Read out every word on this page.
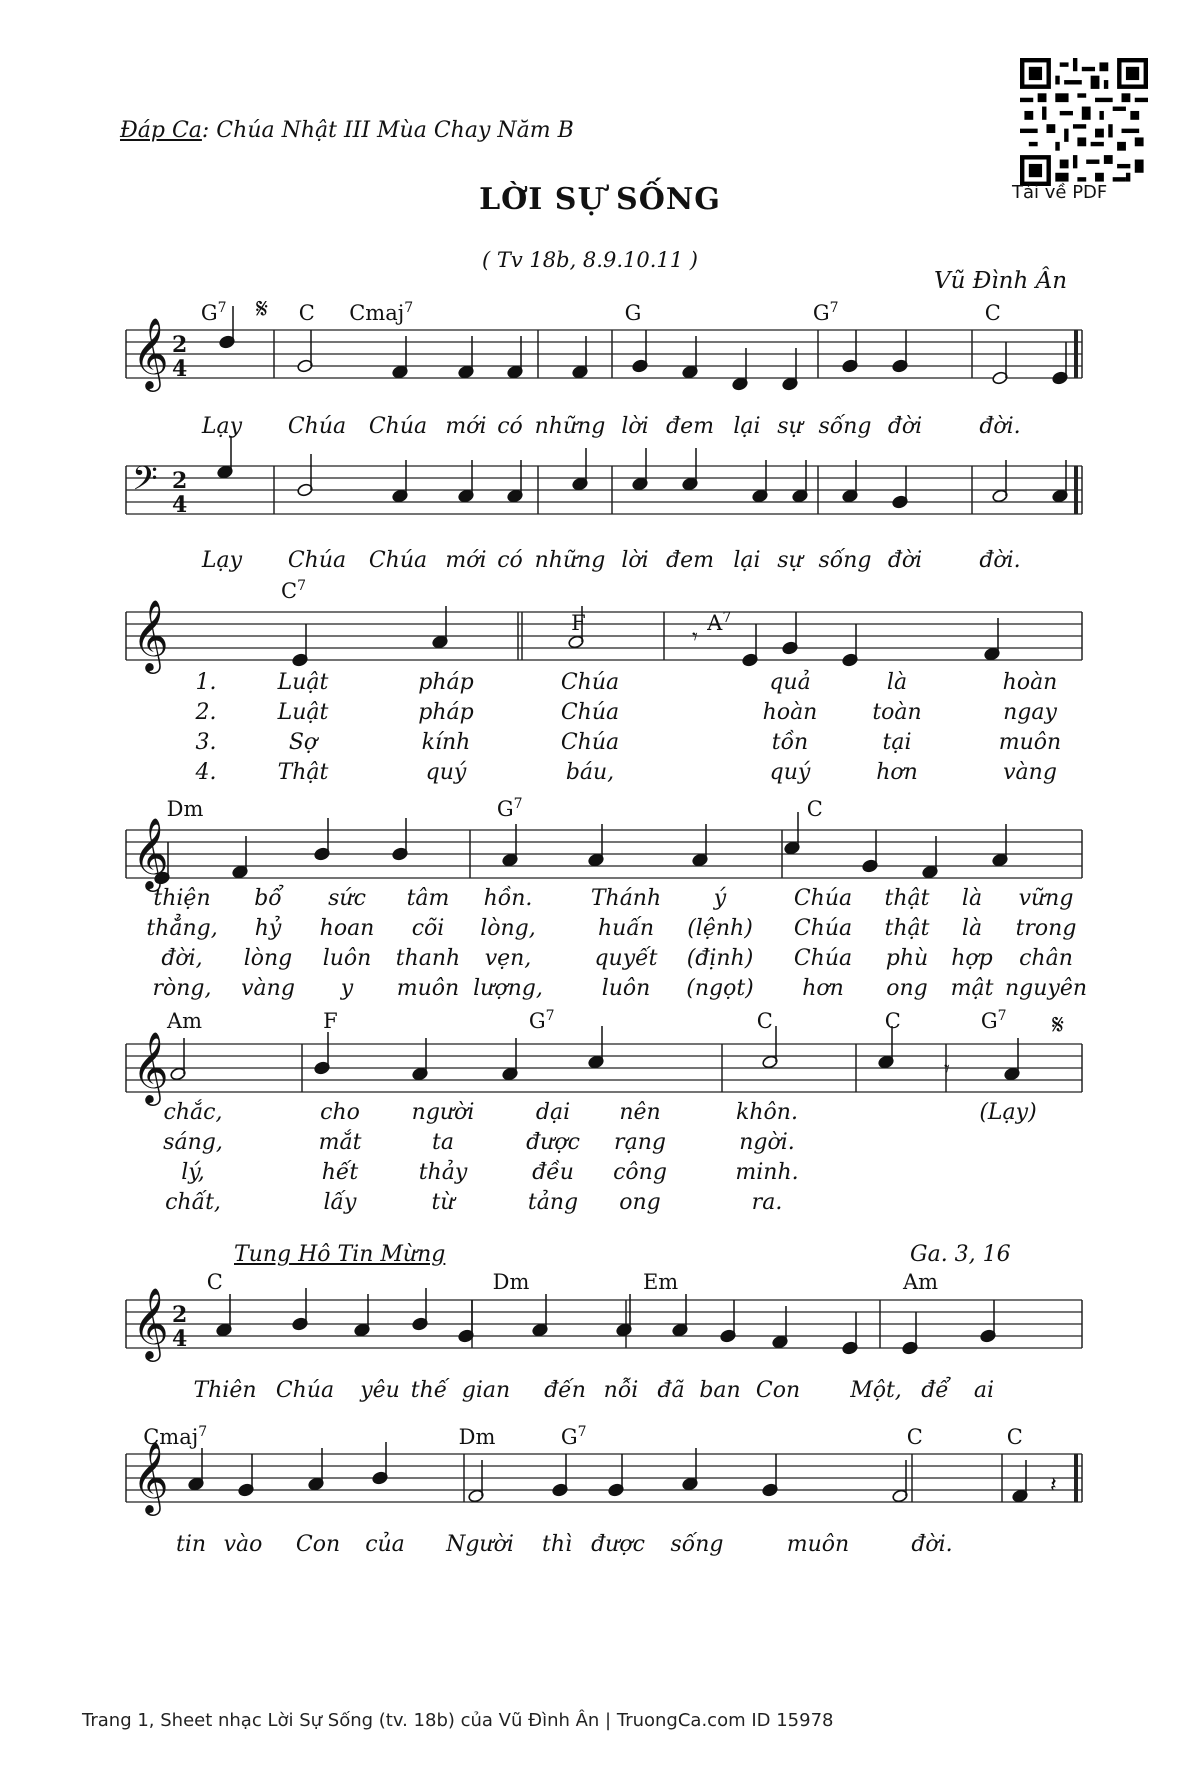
Đáp Ca: Chúa Nhật III Mùa Chay Năm B
LỜI SỰ SỐNG
( Tv 18b, 8.9.10.11 )
Vũ Đình Ân
Tải về PDF
𝄞 2
4
𝄢 2
4
𝄋
𝄞	𝄾
𝄞
𝄞
𝄋
𝄾
𝄞 2
4
𝄞	𝄽
$G^7$	C Cmaj$^7$	G	$G^7$	C
Lạy Chúa Chúa mới có những lời đem lại sự sống đời	đời.
Lạy Chúa Chúa mới có những lời đem lại sự sống đời	đời.
$C^7$
F	$A^7$
1.	Luật	pháp	Chúa	quả	là	hoàn
2.	Luật	pháp	Chúa	hoàn toàn	ngay
3.	Sợ	kính	Chúa	tồn	tại	muôn
4.	Thật	quý	báu,	quý	hơn	vàng
Dm	$G^7$	C
thiện bổ sức tâm hồn.	Thánh ý	Chúa thật là vững
thẳng, hỷ hoan cõi lòng,	huấn (lệnh) Chúa thật là trong
đời, lòng luôn thanh vẹn,	quyết (định) Chúa phù hợp chân
ròng, vàng y muôn lượng,	luôn (ngọt) hơn ong mật nguyên
Am	F	$G^7$	C	C	$G^7$
chắc,	cho người	dại nên	khôn.	(Lạy)
sáng,	mắt	ta	được rạng	ngời.
lý,	hết	thảy	đều công	minh.
chất,	lấy	từ	tảng ong	ra.
Tung Hô Tin Mừng	Ga. 3, 16
C	Dm	Em	Am
Thiên Chúa yêu thế gian đến nỗi đã ban Con Một, để ai
Cmaj$^7$	Dm	$G^7$	C	C
tin vào Con của Người thì được sống	muôn	đời.
Trang 1, Sheet nhạc Lời Sự Sống (tv. 18b) của Vũ Đình Ân | TruongCa.com ID 15978
